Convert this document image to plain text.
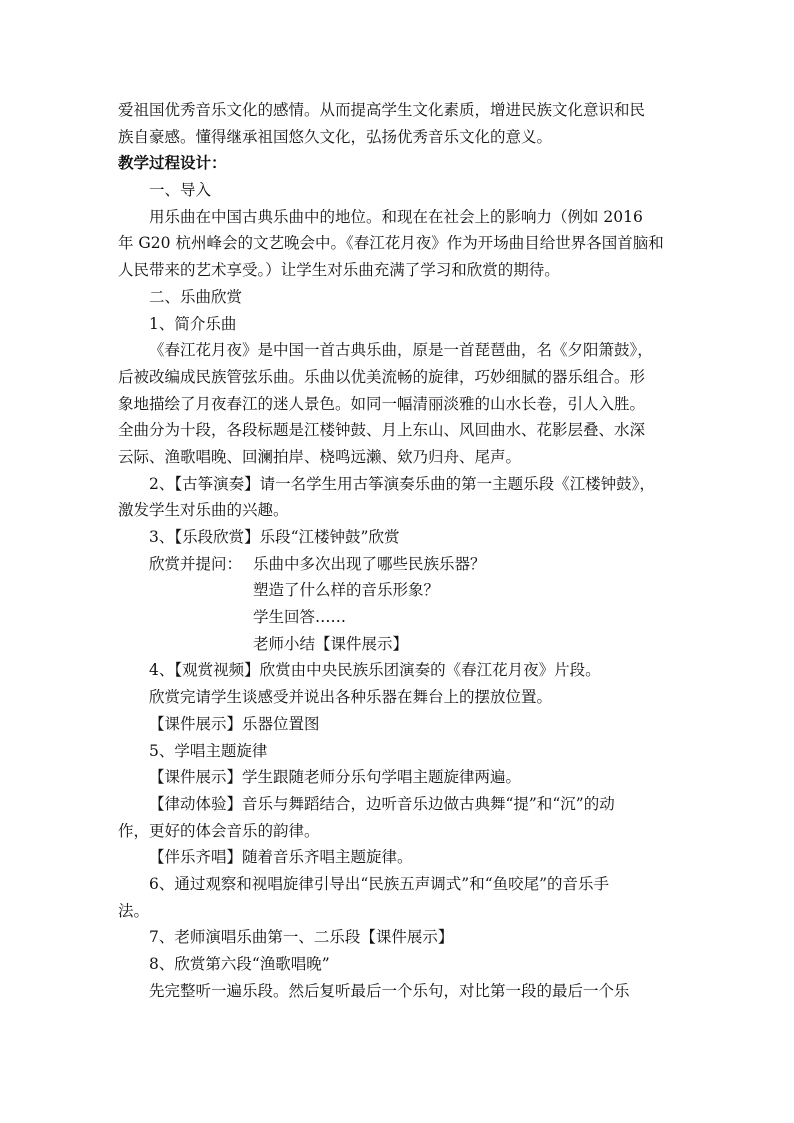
爱祖国优秀音乐文化的感情。从而提高学生文化素质，增进民族文化意识和民
族自豪感。懂得继承祖国悠久文化，弘扬优秀音乐文化的意义。
教学过程设计：
一、导入
用乐曲在中国古典乐曲中的地位。和现在在社会上的影响力（例如 2016
年 G20 杭州峰会的文艺晚会中。《春江花月夜》作为开场曲目给世界各国首脑和
人民带来的艺术享受。）让学生对乐曲充满了学习和欣赏的期待。
二、乐曲欣赏
1、简介乐曲
《春江花月夜》是中国一首古典乐曲，原是一首琵琶曲，名《夕阳箫鼓》，
后被改编成民族管弦乐曲。乐曲以优美流畅的旋律，巧妙细腻的器乐组合。形
象地描绘了月夜春江的迷人景色。如同一幅清丽淡雅的山水长卷，引人入胜。
全曲分为十段，各段标题是江楼钟鼓、月上东山、风回曲水、花影层叠、水深
云际、渔歌唱晚、回澜拍岸、桡鸣远濑、欸乃归舟、尾声。
2、【古筝演奏】请一名学生用古筝演奏乐曲的第一主题乐段《江楼钟鼓》，
激发学生对乐曲的兴趣。
3、【乐段欣赏】乐段“江楼钟鼓”欣赏
欣赏并提问： 乐曲中多次出现了哪些民族乐器？
塑造了什么样的音乐形象？
学生回答……
老师小结【课件展示】
4、【观赏视频】欣赏由中央民族乐团演奏的《春江花月夜》片段。
欣赏完请学生谈感受并说出各种乐器在舞台上的摆放位置。
【课件展示】乐器位置图
5、学唱主题旋律
【课件展示】学生跟随老师分乐句学唱主题旋律两遍。
【律动体验】音乐与舞蹈结合，边听音乐边做古典舞“提”和“沉”的动
作，更好的体会音乐的韵律。
【伴乐齐唱】随着音乐齐唱主题旋律。
6、通过观察和视唱旋律引导出“民族五声调式”和“鱼咬尾”的音乐手
法。
7、老师演唱乐曲第一、二乐段【课件展示】
8、欣赏第六段“渔歌唱晚”
先完整听一遍乐段。然后复听最后一个乐句，对比第一段的最后一个乐
